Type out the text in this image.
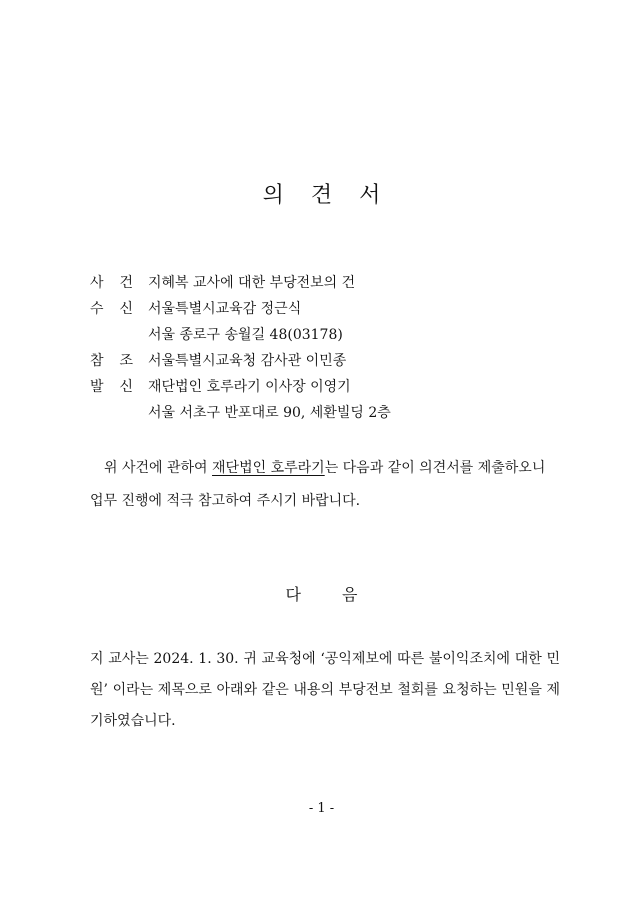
의 견 서
사 건 지혜복 교사에 대한 부당전보의 건
수 신 서울특별시교육감 정근식
서울 종로구 송월길 48(03178)
참 조 서울특별시교육청 감사관 이민종
발 신 재단법인 호루라기 이사장 이영기
서울 서초구 반포대로 90, 세환빌딩 2층
위 사건에 관하여 재단법인 호루라기는 다음과 같이 의견서를 제출하오니 업무 진행에 적극 참고하여 주시기 바랍니다.
다 음
지 교사는 2024. 1. 30. 귀 교육청에 ‘공익제보에 따른 불이익조치에 대한 민원’ 이라는 제목으로 아래와 같은 내용의 부당전보 철회를 요청하는 민원을 제기하였습니다.
- 1 -
